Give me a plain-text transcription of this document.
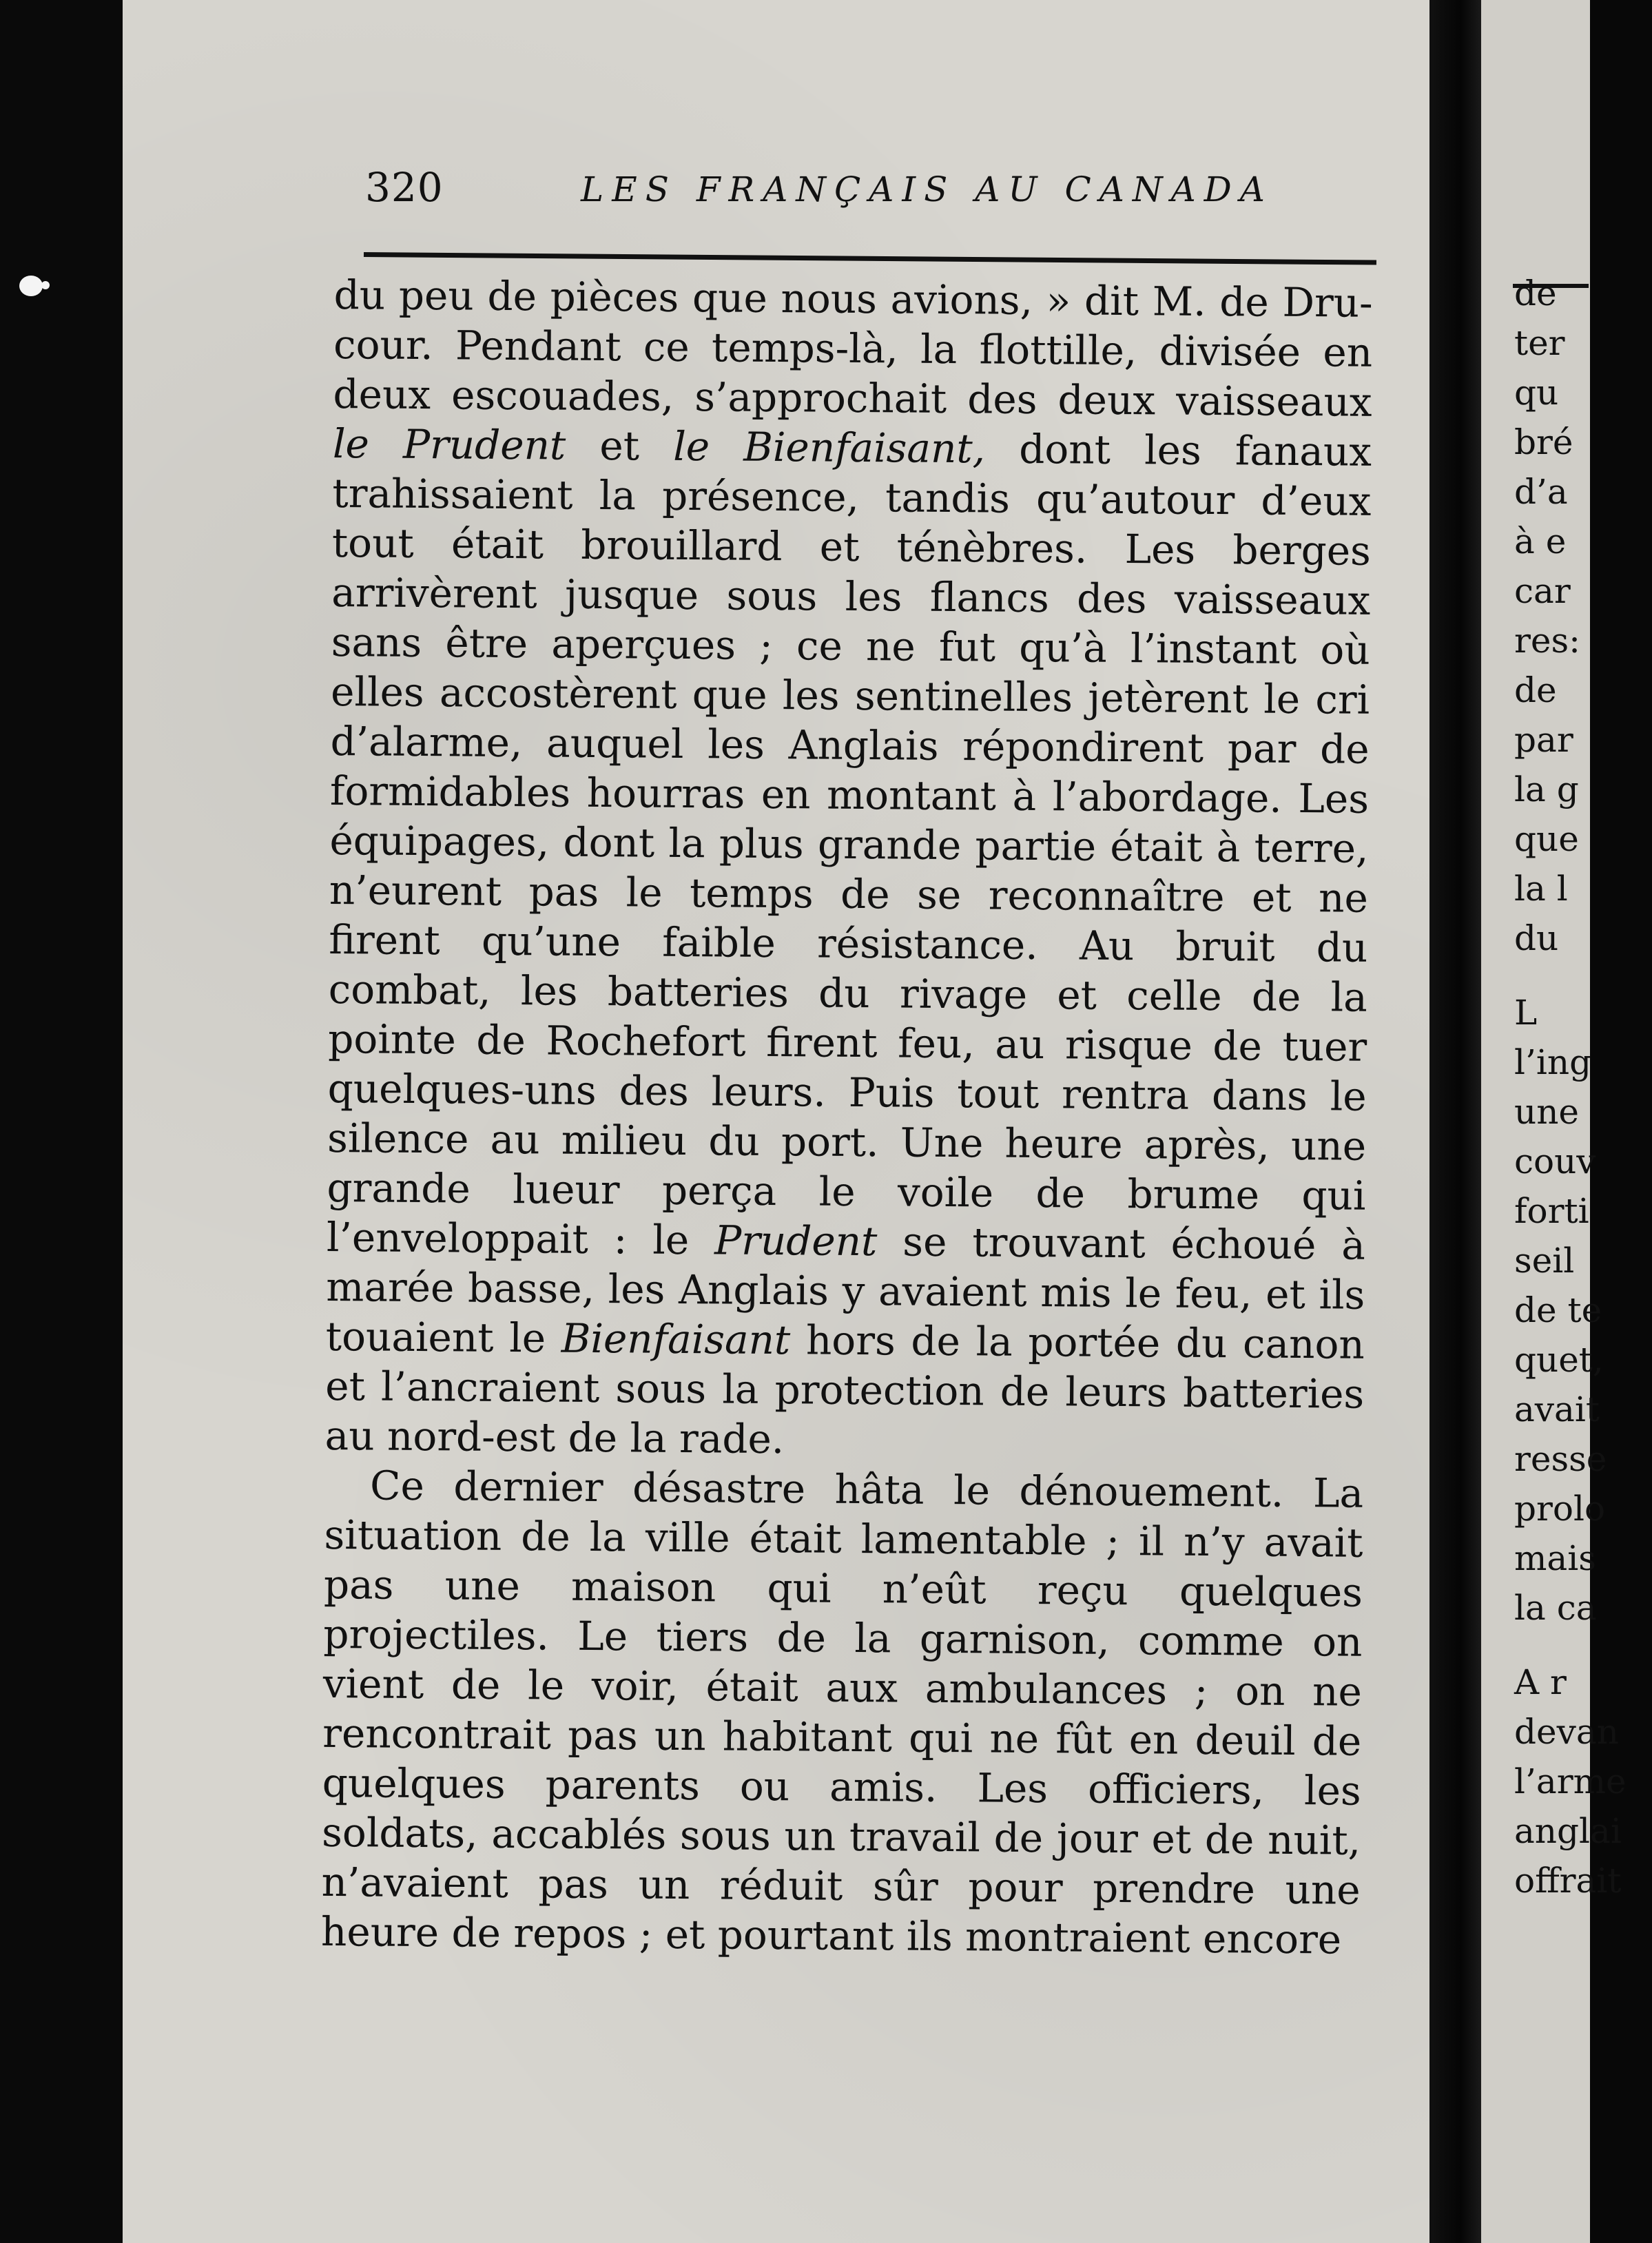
320	LES FRANÇAIS AU CANADA

du peu de pièces que nous avions, » dit M. de Drucour. Pendant ce temps-là, la flottille, divisée en deux escouades, s’approchait des deux vaisseaux le Prudent et le Bienfaisant, dont les fanaux trahissaient la présence, tandis qu’autour d’eux tout était brouillard et ténèbres. Les berges arrivèrent jusque sous les flancs des vaisseaux sans être aperçues ; ce ne fut qu’à l’instant où elles accostèrent que les sentinelles jetèrent le cri d’alarme, auquel les Anglais répondirent par de formidables hourras en montant à l’abordage. Les équipages, dont la plus grande partie était à terre, n’eurent pas le temps de se reconnaître et ne firent qu’une faible résistance. Au bruit du combat, les batteries du rivage et celle de la pointe de Rochefort firent feu, au risque de tuer quelques-uns des leurs. Puis tout rentra dans le silence au milieu du port. Une heure après, une grande lueur perça le voile de brume qui l’enveloppait : le Prudent se trouvant échoué à marée basse, les Anglais y avaient mis le feu, et ils touaient le Bienfaisant hors de la portée du canon et l’ancraient sous la protection de leurs batteries au nord-est de la rade.

Ce dernier désastre hâta le dénouement. La situation de la ville était lamentable ; il n’y avait pas une maison qui n’eût reçu quelques projectiles. Le tiers de la garnison, comme on vient de le voir, était aux ambulances ; on ne rencontrait pas un habitant qui ne fût en deuil de quelques parents ou amis. Les officiers, les soldats, accablés sous un travail de jour et de nuit, n’avaient pas un réduit sûr pour prendre une heure de repos ; et pourtant ils montraient encore

de
ter
qu
bré
d’a
à e
car
res:
de
par
la g
que
la l
du
L
l’ing
une
couv
forti
seil
de te
quet,
avait
resse
prolo
mais
la ca
A r
devan
l’arme
anglai
offrait
